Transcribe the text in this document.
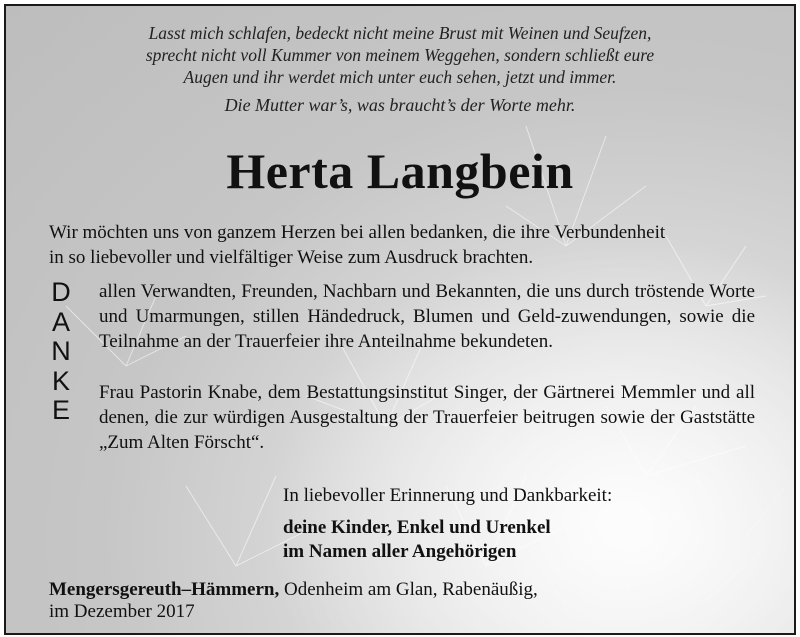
Lasst mich schlafen, bedeckt nicht meine Brust mit Weinen und Seufzen,
sprecht nicht voll Kummer von meinem Weggehen, sondern schließt eure
Augen und ihr werdet mich unter euch sehen, jetzt und immer.
Die Mutter war’s, was braucht’s der Worte mehr.
Herta Langbein
Wir möchten uns von ganzem Herzen bei allen bedanken, die ihre Verbundenheit
in so liebevoller und vielfältiger Weise zum Ausdruck brachten.
D
A
N
K
E
allen Verwandten, Freunden, Nachbarn und Bekannten, die uns durch tröstende Worte und Umarmungen, stillen Händedruck, Blumen und Geld-zuwendungen, sowie die Teilnahme an der Trauerfeier ihre Anteilnahme bekundeten.
Frau Pastorin Knabe, dem Bestattungsinstitut Singer, der Gärtnerei Memmler und all denen, die zur würdigen Ausgestaltung der Trauerfeier beitrugen sowie der Gaststätte „Zum Alten Förscht“.
In liebevoller Erinnerung und Dankbarkeit:
deine Kinder, Enkel und Urenkel
im Namen aller Angehörigen
Mengersgereuth–Hämmern, Odenheim am Glan, Rabenäußig,
im Dezember 2017
